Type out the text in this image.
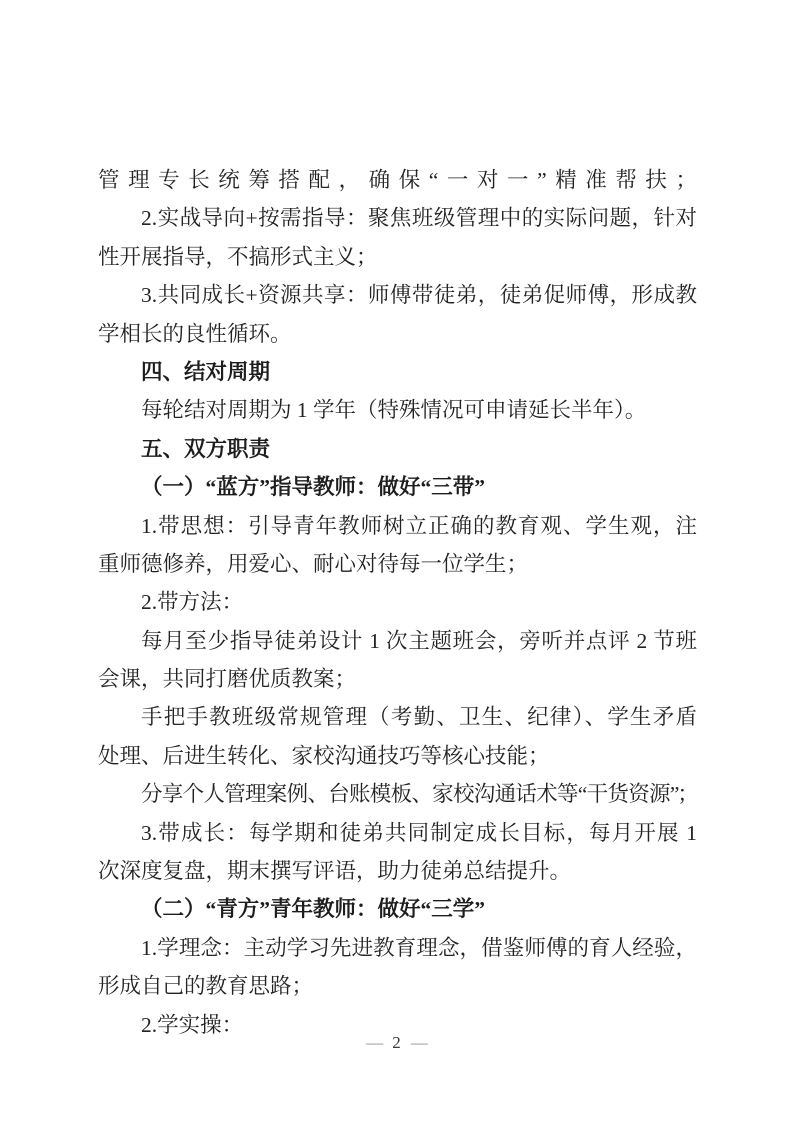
管理专长统筹搭配，确保“一对一”精准帮扶；
2.实战导向+按需指导：聚焦班级管理中的实际问题，针对
性开展指导，不搞形式主义；
3.共同成长+资源共享：师傅带徒弟，徒弟促师傅，形成教
学相长的良性循环。
四、结对周期
每轮结对周期为 1 学年（特殊情况可申请延长半年）。
五、双方职责
（一）“蓝方”指导教师：做好“三带”
1.带思想：引导青年教师树立正确的教育观、学生观，注
重师德修养，用爱心、耐心对待每一位学生；
2.带方法：
每月至少指导徒弟设计 1 次主题班会，旁听并点评 2 节班
会课，共同打磨优质教案；
手把手教班级常规管理（考勤、卫生、纪律）、学生矛盾
处理、后进生转化、家校沟通技巧等核心技能；
分享个人管理案例、台账模板、家校沟通话术等“干货资源”；
3.带成长：每学期和徒弟共同制定成长目标，每月开展 1
次深度复盘，期末撰写评语，助力徒弟总结提升。
（二）“青方”青年教师：做好“三学”
1.学理念：主动学习先进教育理念，借鉴师傅的育人经验，
形成自己的教育思路；
2.学实操：
— 2 —
